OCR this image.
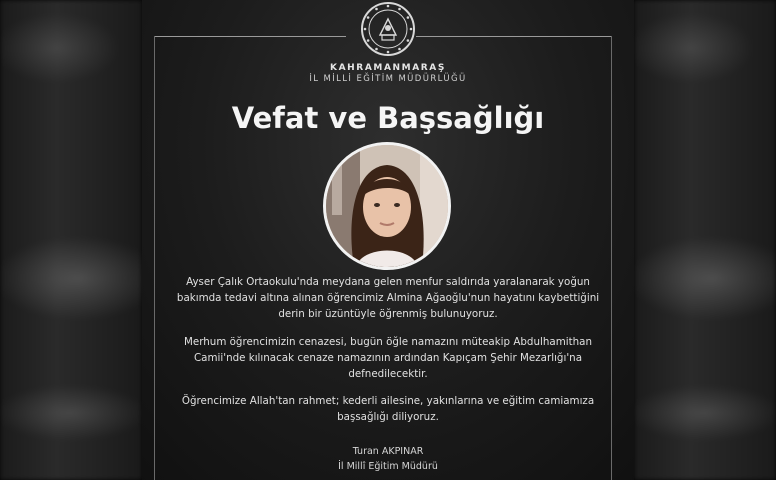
KAHRAMANMARAŞ
İL MİLLİ EĞİTİM MÜDÜRLÜĞÜ
Vefat ve Başsağlığı
Ayser Çalık Ortaokulu'nda meydana gelen menfur saldırıda yaralanarak yoğun bakımda tedavi altına alınan öğrencimiz Almina Ağaoğlu'nun hayatını kaybettiğini derin bir üzüntüyle öğrenmiş bulunuyoruz.
Merhum öğrencimizin cenazesi, bugün öğle namazını müteakip Abdulhamithan Camii'nde kılınacak cenaze namazının ardından Kapıçam Şehir Mezarlığı'na defnedilecektir.
Öğrencimize Allah'tan rahmet; kederli ailesine, yakınlarına ve eğitim camiamıza başsağlığı diliyoruz.
Turan AKPINAR
İl Millî Eğitim Müdürü
